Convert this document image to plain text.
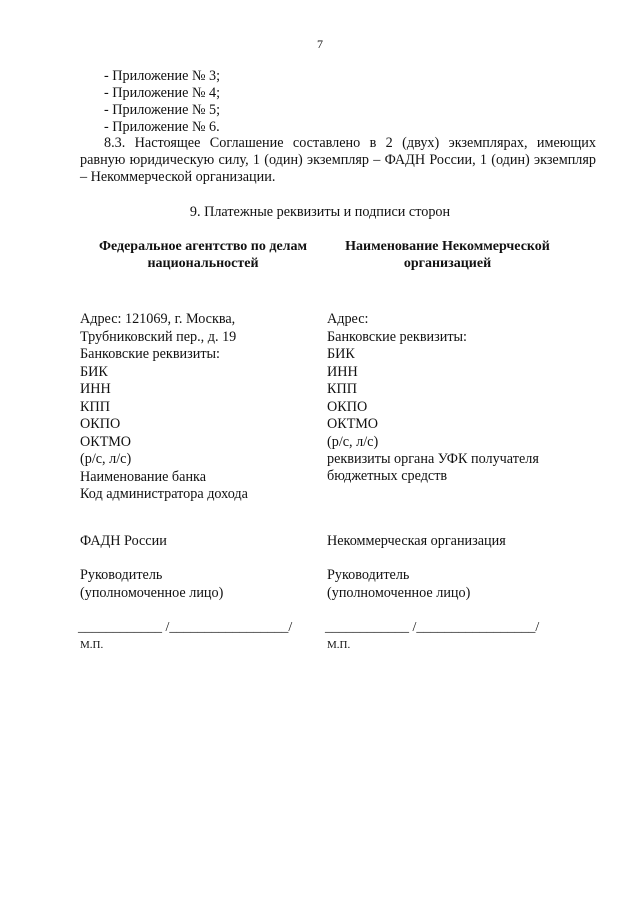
7
- Приложение № 3;
- Приложение № 4;
- Приложение № 5;
- Приложение № 6.
8.3. Настоящее Соглашение составлено в 2 (двух) экземплярах, имеющих равную юридическую силу, 1 (один) экземпляр – ФАДН России, 1 (один) экземпляр – Некоммерческой организации.
9. Платежные реквизиты и подписи сторон
Федеральное агентство по делам национальностей
Наименование Некоммерческой организацией
Адрес: 121069, г. Москва,
Трубниковский пер., д. 19
Банковские реквизиты:
БИК
ИНН
КПП
ОКПО
ОКТМО
(р/с, л/с)
Наименование банка
Код администратора дохода
Адрес:
Банковские реквизиты:
БИК
ИНН
КПП
ОКПО
ОКТМО
(р/с, л/с)
реквизиты органа УФК получателя бюджетных средств
ФАДН России	Некоммерческая организация
Руководитель
(уполномоченное лицо)
Руководитель
(уполномоченное лицо)
____________ /_________________/ ____________ /_________________/
М.П.	М.П.
